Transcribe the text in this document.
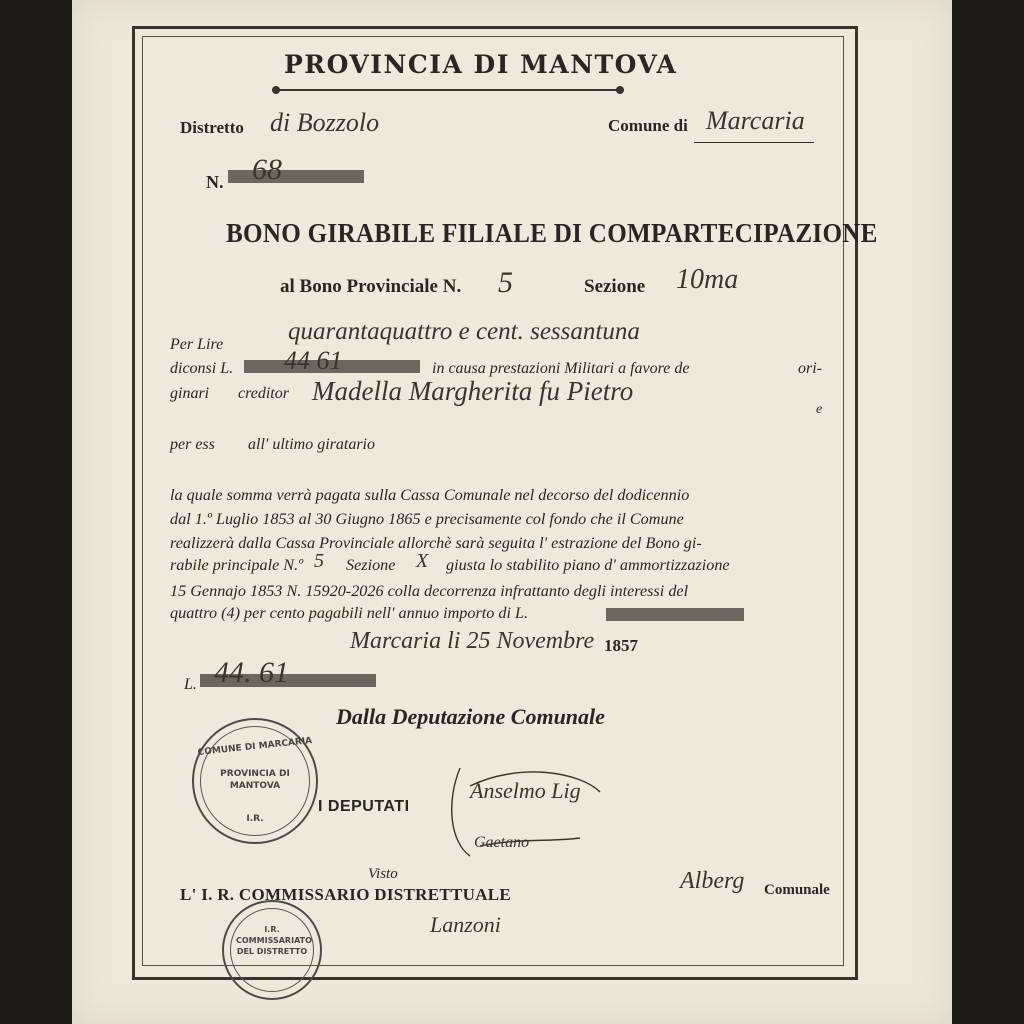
PROVINCIA DI MANTOVA
Distretto di Bozzolo	Comune di Marcaria
N. 68
BONO GIRABILE FILIALE DI COMPARTECIPAZIONE
al Bono Provinciale N. 5	Sezione 10ma
Per Lire	quarantaquattro e cent. sessantuna
diconsi L. 44 61	in causa prestazioni Militari a favore de	ori-
ginari creditor Madella Margherita fu Pietro
e
per ess all' ultimo giratario
la quale somma verrà pagata sulla Cassa Comunale nel decorso del dodicennio
dal 1.º Luglio 1853 al 30 Giugno 1865 e precisamente col fondo che il Comune
realizzerà dalla Cassa Provinciale allorchè sarà seguita l' estrazione del Bono gi-
rabile principale N.º 5 Sezione X giusta lo stabilito piano d' ammortizzazione
15 Gennajo 1853 N. 15920-2026 colla decorrenza infrattanto degli interessi del
quattro (4) per cento pagabili nell' annuo importo di L.
Marcaria li 25 Novembre 1857
L. 44. 61
Dalla Deputazione Comunale
COMUNE DI MARCARIA
PROVINCIA DI MANTOVA
I.R.
I DEPUTATI
Anselmo Lig
Gaetano
Visto
L' I. R. COMMISSARIO DISTRETTUALE
Lanzoni
I.R. COMMISSARIATO DEL DISTRETTO
Alberg Comunale
